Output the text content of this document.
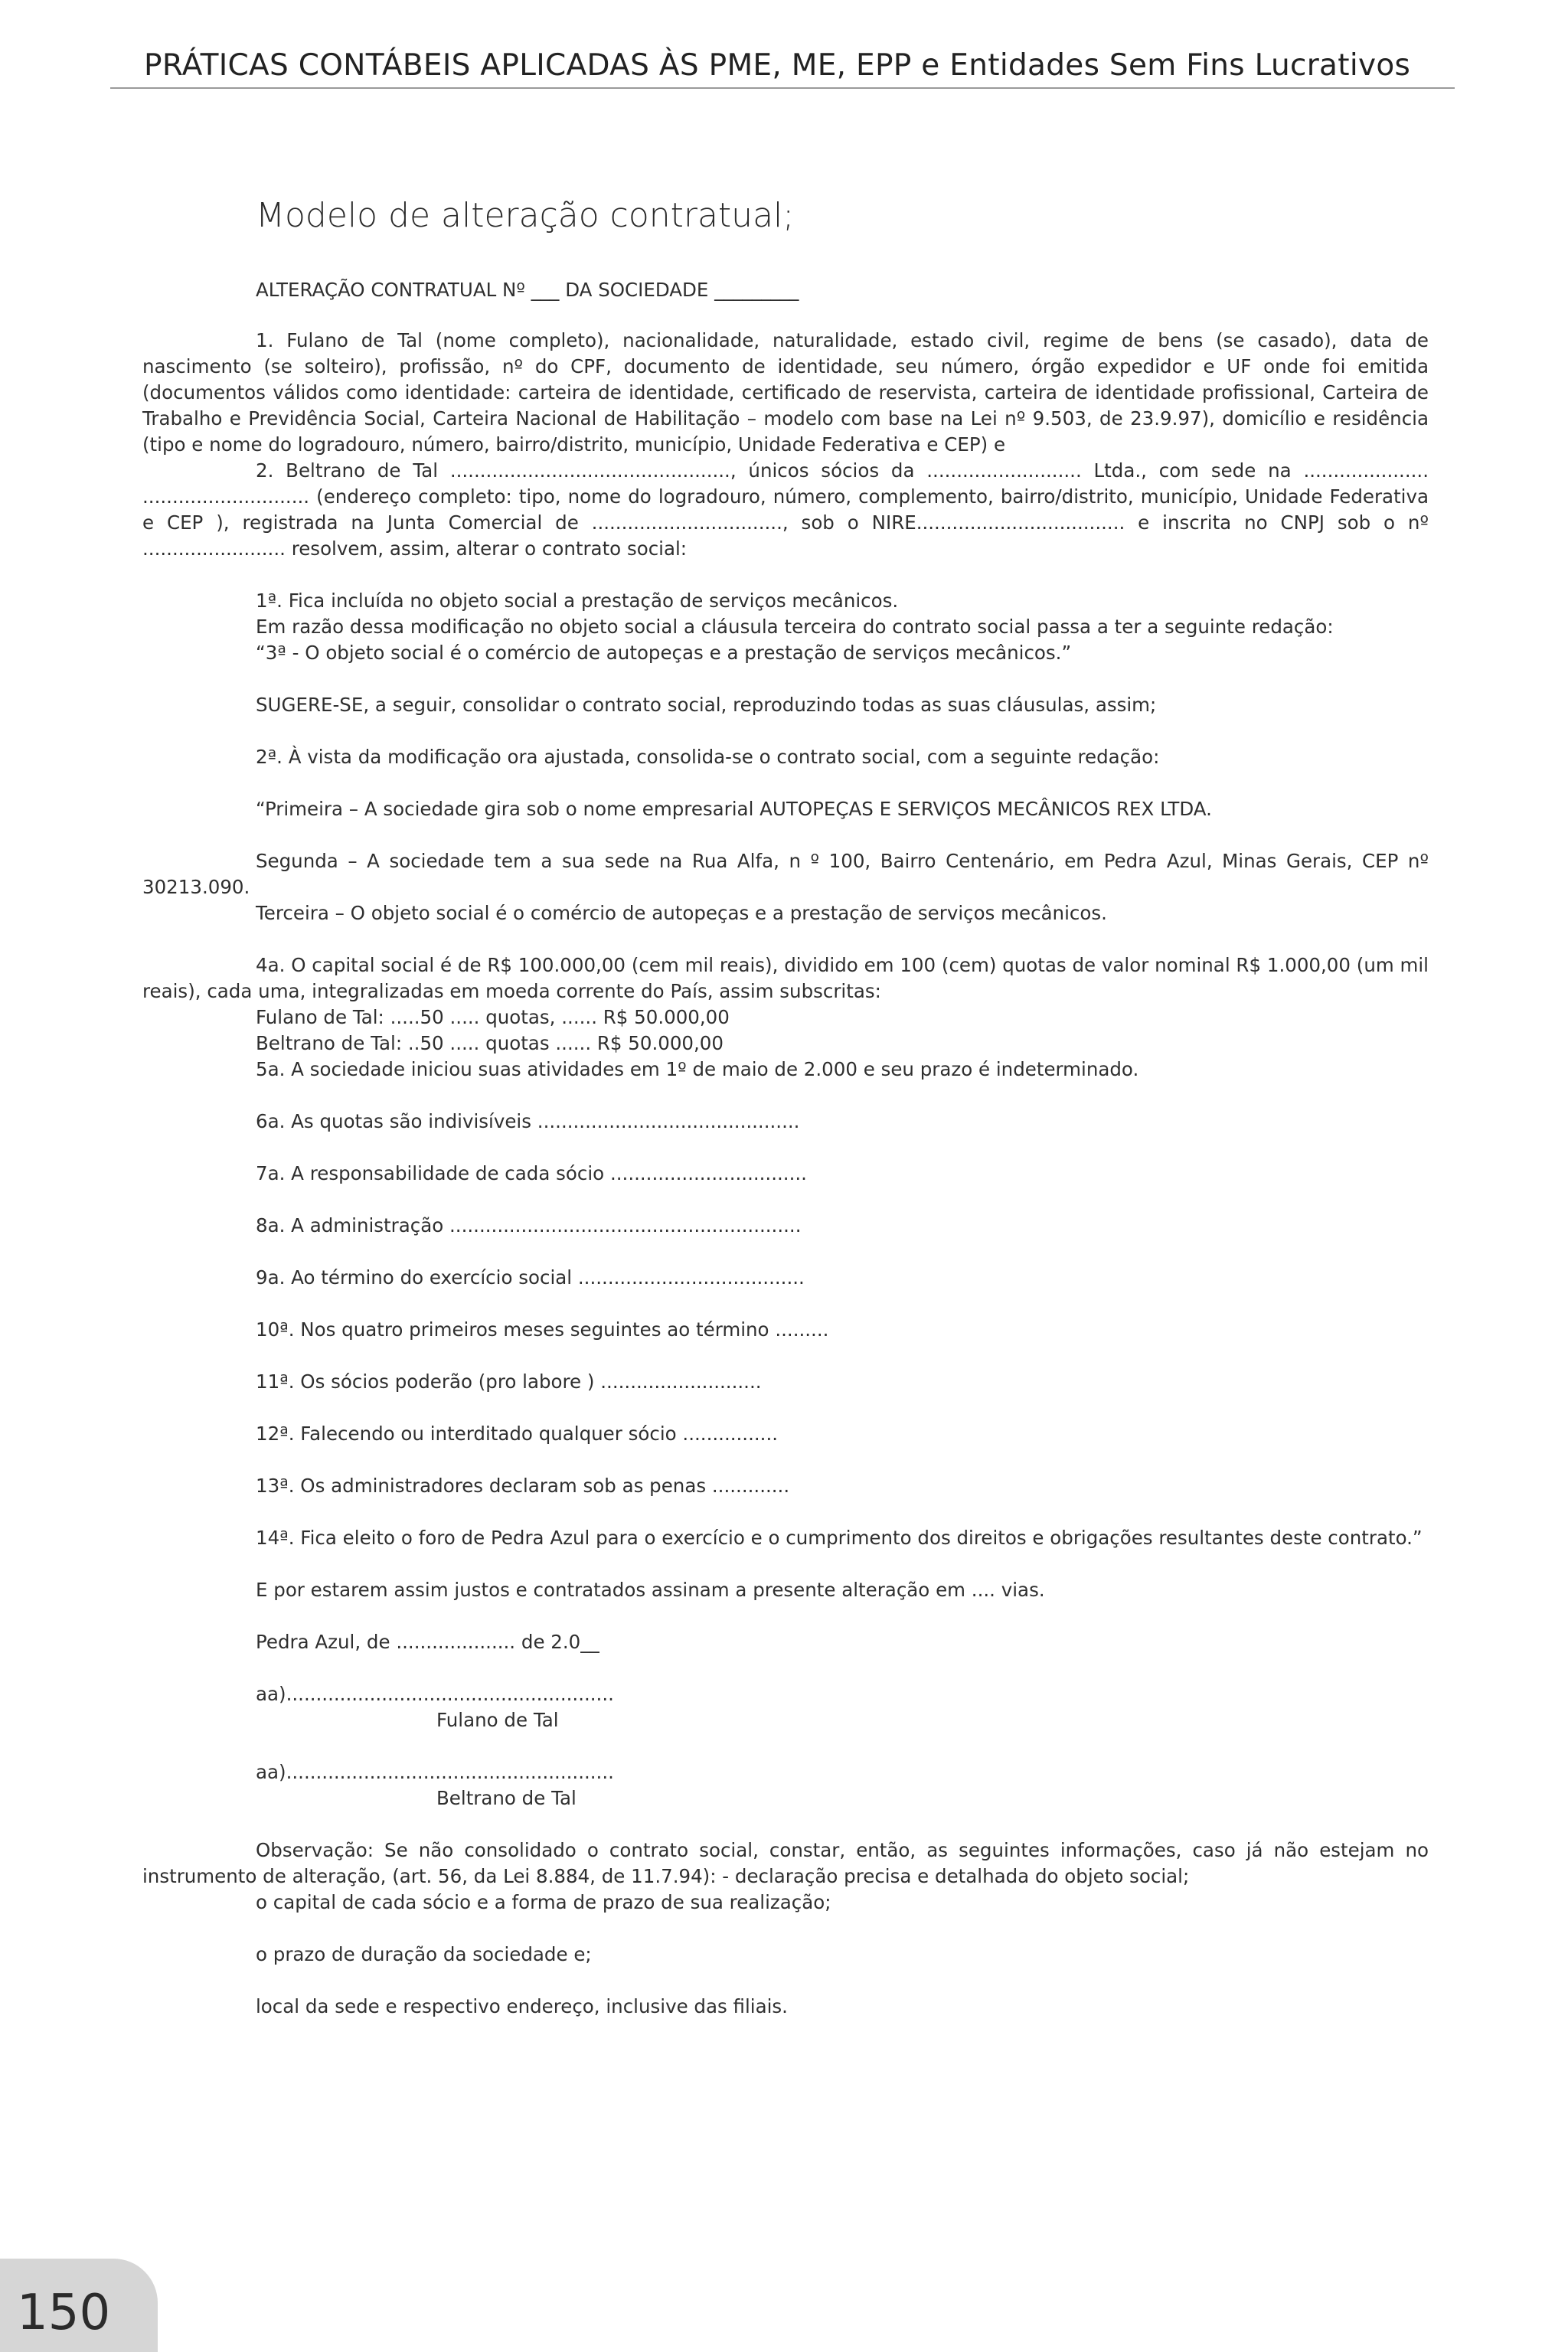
PRÁTICAS CONTÁBEIS APLICADAS ÀS PME, ME, EPP e Entidades Sem Fins Lucrativos
Modelo de alteração contratual;

ALTERAÇÃO CONTRATUAL Nº ___ DA SOCIEDADE _________

1. Fulano de Tal (nome completo), nacionalidade, naturalidade, estado civil, regime de bens (se casado), data de nascimento (se solteiro), profissão, nº do CPF, documento de identidade, seu número, órgão expedidor e UF onde foi emitida (documentos válidos como identidade: carteira de identidade, certificado de reservista, carteira de identidade profissional, Carteira de Trabalho e Previdência Social, Carteira Nacional de Habilitação – modelo com base na Lei nº 9.503, de 23.9.97), domicílio e residência (tipo e nome do logradouro, número, bairro/distrito, município, Unidade Federativa e CEP) e

2. Beltrano de Tal ..............................................., únicos sócios da .......................... Ltda., com sede na ..................... ............................ (endereço completo: tipo, nome do logradouro, número, complemento, bairro/distrito, município, Unidade Federativa e CEP ), registrada na Junta Comercial de ................................, sob o NIRE................................... e inscrita no CNPJ sob o nº ........................ resolvem, assim, alterar o contrato social:

1ª. Fica incluída no objeto social a prestação de serviços mecânicos.

Em razão dessa modificação no objeto social a cláusula terceira do contrato social passa a ter a seguinte redação:

“3ª - O objeto social é o comércio de autopeças e a prestação de serviços mecânicos.”

SUGERE-SE, a seguir, consolidar o contrato social, reproduzindo todas as suas cláusulas, assim;

2ª. À vista da modificação ora ajustada, consolida-se o contrato social, com a seguinte redação:

“Primeira – A sociedade gira sob o nome empresarial AUTOPEÇAS E SERVIÇOS MECÂNICOS REX LTDA.

Segunda – A sociedade tem a sua sede na Rua Alfa, n º 100, Bairro Centenário, em Pedra Azul, Minas Gerais, CEP nº 30213.090.

Terceira – O objeto social é o comércio de autopeças e a prestação de serviços mecânicos.

4a. O capital social é de R$ 100.000,00 (cem mil reais), dividido em 100 (cem) quotas de valor nominal R$ 1.000,00 (um mil reais), cada uma, integralizadas em moeda corrente do País, assim subscritas:

Fulano de Tal: .....50 ..... quotas, ...... R$ 50.000,00

Beltrano de Tal: ..50 ..... quotas ...... R$ 50.000,00

5a. A sociedade iniciou suas atividades em 1º de maio de 2.000 e seu prazo é indeterminado.

6a. As quotas são indivisíveis ............................................

7a. A responsabilidade de cada sócio .................................

8a. A administração ...........................................................

9a. Ao término do exercício social ......................................

10ª. Nos quatro primeiros meses seguintes ao término .........

11ª. Os sócios poderão (pro labore ) ...........................

12ª. Falecendo ou interditado qualquer sócio ................

13ª. Os administradores declaram sob as penas .............

14ª. Fica eleito o foro de Pedra Azul para o exercício e o cumprimento dos direitos e obrigações resultantes deste contrato.”

E por estarem assim justos e contratados assinam a presente alteração em .... vias.

Pedra Azul, de .................... de 2.0__

aa).......................................................

Fulano de Tal

aa).......................................................

Beltrano de Tal

Observação: Se não consolidado o contrato social, constar, então, as seguintes informações, caso já não estejam no instrumento de alteração, (art. 56, da Lei 8.884, de 11.7.94): - declaração precisa e detalhada do objeto social;

o capital de cada sócio e a forma de prazo de sua realização;

o prazo de duração da sociedade e;

local da sede e respectivo endereço, inclusive das filiais.

150
